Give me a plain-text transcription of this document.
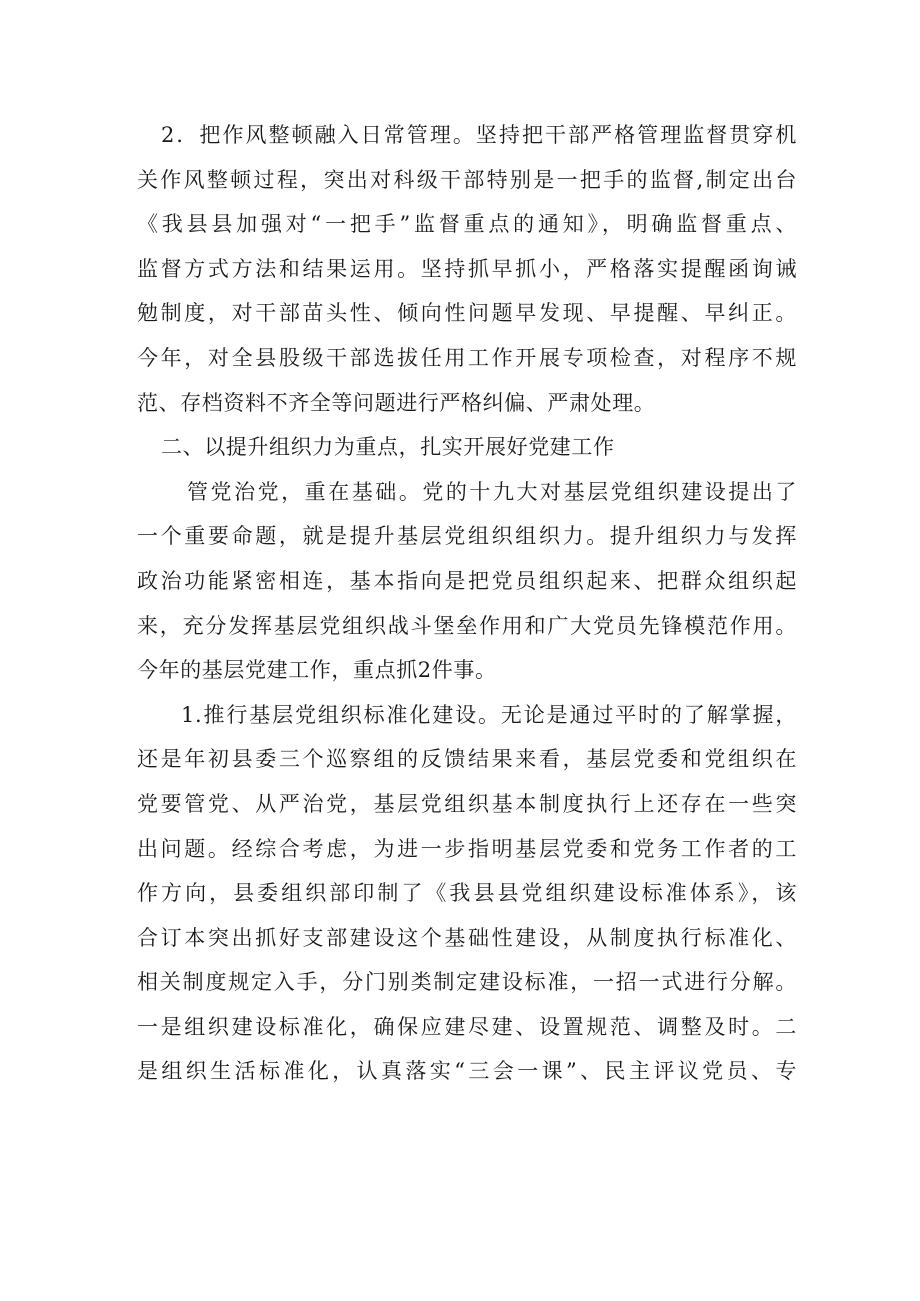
2．把作风整顿融入日常管理。坚持把干部严格管理监督贯穿机
关作风整顿过程，突出对科级干部特别是一把手的监督,制定出台
《我县县加强对“一把手”监督重点的通知》，明确监督重点、
监督方式方法和结果运用。坚持抓早抓小，严格落实提醒函询诫
勉制度，对干部苗头性、倾向性问题早发现、早提醒、早纠正。
今年，对全县股级干部选拔任用工作开展专项检查，对程序不规
范、存档资料不齐全等问题进行严格纠偏、严肃处理。
二、以提升组织力为重点，扎实开展好党建工作
管党治党，重在基础。党的十九大对基层党组织建设提出了
一个重要命题，就是提升基层党组织组织力。提升组织力与发挥
政治功能紧密相连，基本指向是把党员组织起来、把群众组织起
来，充分发挥基层党组织战斗堡垒作用和广大党员先锋模范作用。
今年的基层党建工作，重点抓2件事。
1.推行基层党组织标准化建设。无论是通过平时的了解掌握，
还是年初县委三个巡察组的反馈结果来看，基层党委和党组织在
党要管党、从严治党，基层党组织基本制度执行上还存在一些突
出问题。经综合考虑，为进一步指明基层党委和党务工作者的工
作方向，县委组织部印制了《我县县党组织建设标准体系》，该
合订本突出抓好支部建设这个基础性建设，从制度执行标准化、
相关制度规定入手，分门别类制定建设标准，一招一式进行分解。
一是组织建设标准化，确保应建尽建、设置规范、调整及时。二
是组织生活标准化，认真落实“三会一课”、民主评议党员、专
